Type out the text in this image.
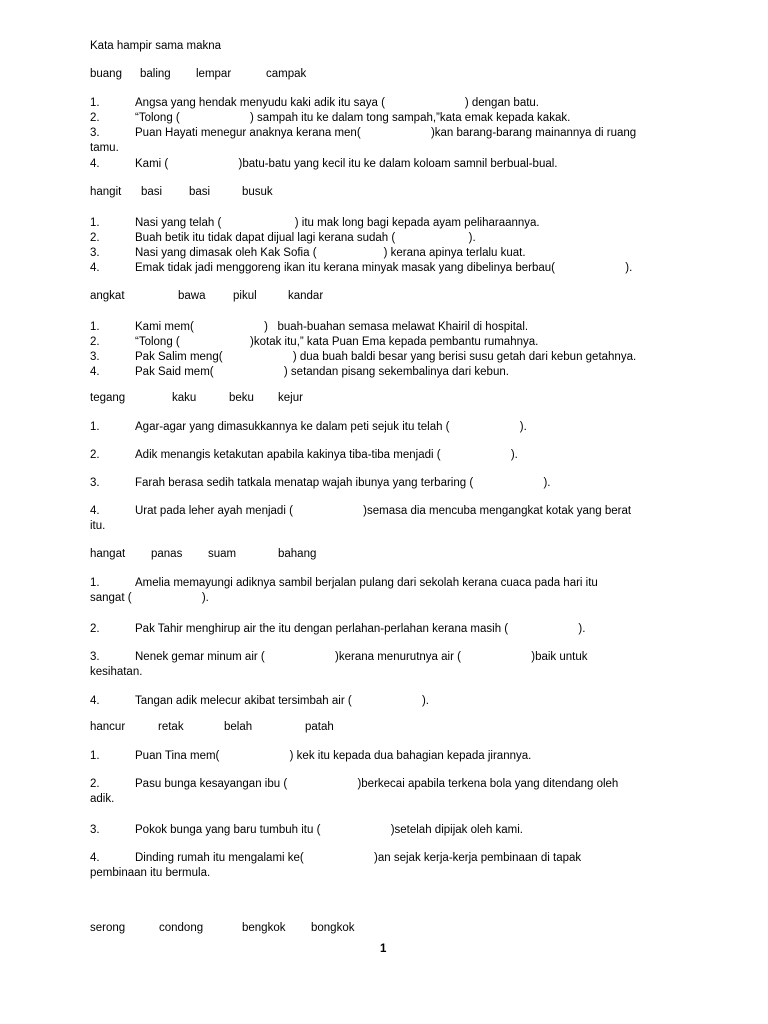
Kata hampir sama makna
buang baling lempar	campak
1.	Angsa yang hendak menyudu kaki adik itu saya (                         ) dengan batu.
2.	“Tolong (                      ) sampah itu ke dalam tong sampah,”kata emak kepada kakak.
3.	Puan Hayati menegur anaknya kerana men(                      )kan barang-barang mainannya di ruang
tamu.
4.	Kami (                      )batu-batu yang kecil itu ke dalam koloam samnil berbual-bual.
hangit basi basi	busuk
1.	Nasi yang telah (                       ) itu mak long bagi kepada ayam peliharaannya.
2.	Buah betik itu tidak dapat dijual lagi kerana sudah (                       ).
3.	Nasi yang dimasak oleh Kak Sofia (                     ) kerana apinya terlalu kuat.
4.	Emak tidak jadi menggoreng ikan itu kerana minyak masak yang dibelinya berbau(                      ).
angkat	bawa pikul	kandar
1.	Kami mem(                      )   buah-buahan semasa melawat Khairil di hospital.
2.	“Tolong (                      )kotak itu,” kata Puan Ema kepada pembantu rumahnya.
3.	Pak Salim meng(                      ) dua buah baldi besar yang berisi susu getah dari kebun getahnya.
4.	Pak Said mem(                      ) setandan pisang sekembalinya dari kebun.
tegang	kaku	beku kejur
1.	Agar-agar yang dimasukkannya ke dalam peti sejuk itu telah (                      ).
2.	Adik menangis ketakutan apabila kakinya tiba-tiba menjadi (                      ).
3.	Farah berasa sedih tatkala menatap wajah ibunya yang terbaring (                      ).
4.	Urat pada leher ayah menjadi (                      )semasa dia mencuba mengangkat kotak yang berat
itu.
hangat panas suam	bahang
1.	Amelia memayungi adiknya sambil berjalan pulang dari sekolah kerana cuaca pada hari itu
sangat (                      ).
2.	Pak Tahir menghirup air the itu dengan perlahan-perlahan kerana masih (                      ).
3.	Nenek gemar minum air (                      )kerana menurutnya air (                      )baik untuk
kesihatan.
4.	Tangan adik melecur akibat tersimbah air (                      ).
hancur	retak	belah	patah
1.	Puan Tina mem(                      ) kek itu kepada dua bahagian kepada jirannya.
2.	Pasu bunga kesayangan ibu (                      )berkecai apabila terkena bola yang ditendang oleh
adik.
3.	Pokok bunga yang baru tumbuh itu (                      )setelah dipijak oleh kami.
4.	Dinding rumah itu mengalami ke(                      )an sejak kerja-kerja pembinaan di tapak
pembinaan itu bermula.
serong	condong	bengkok bongkok
1
